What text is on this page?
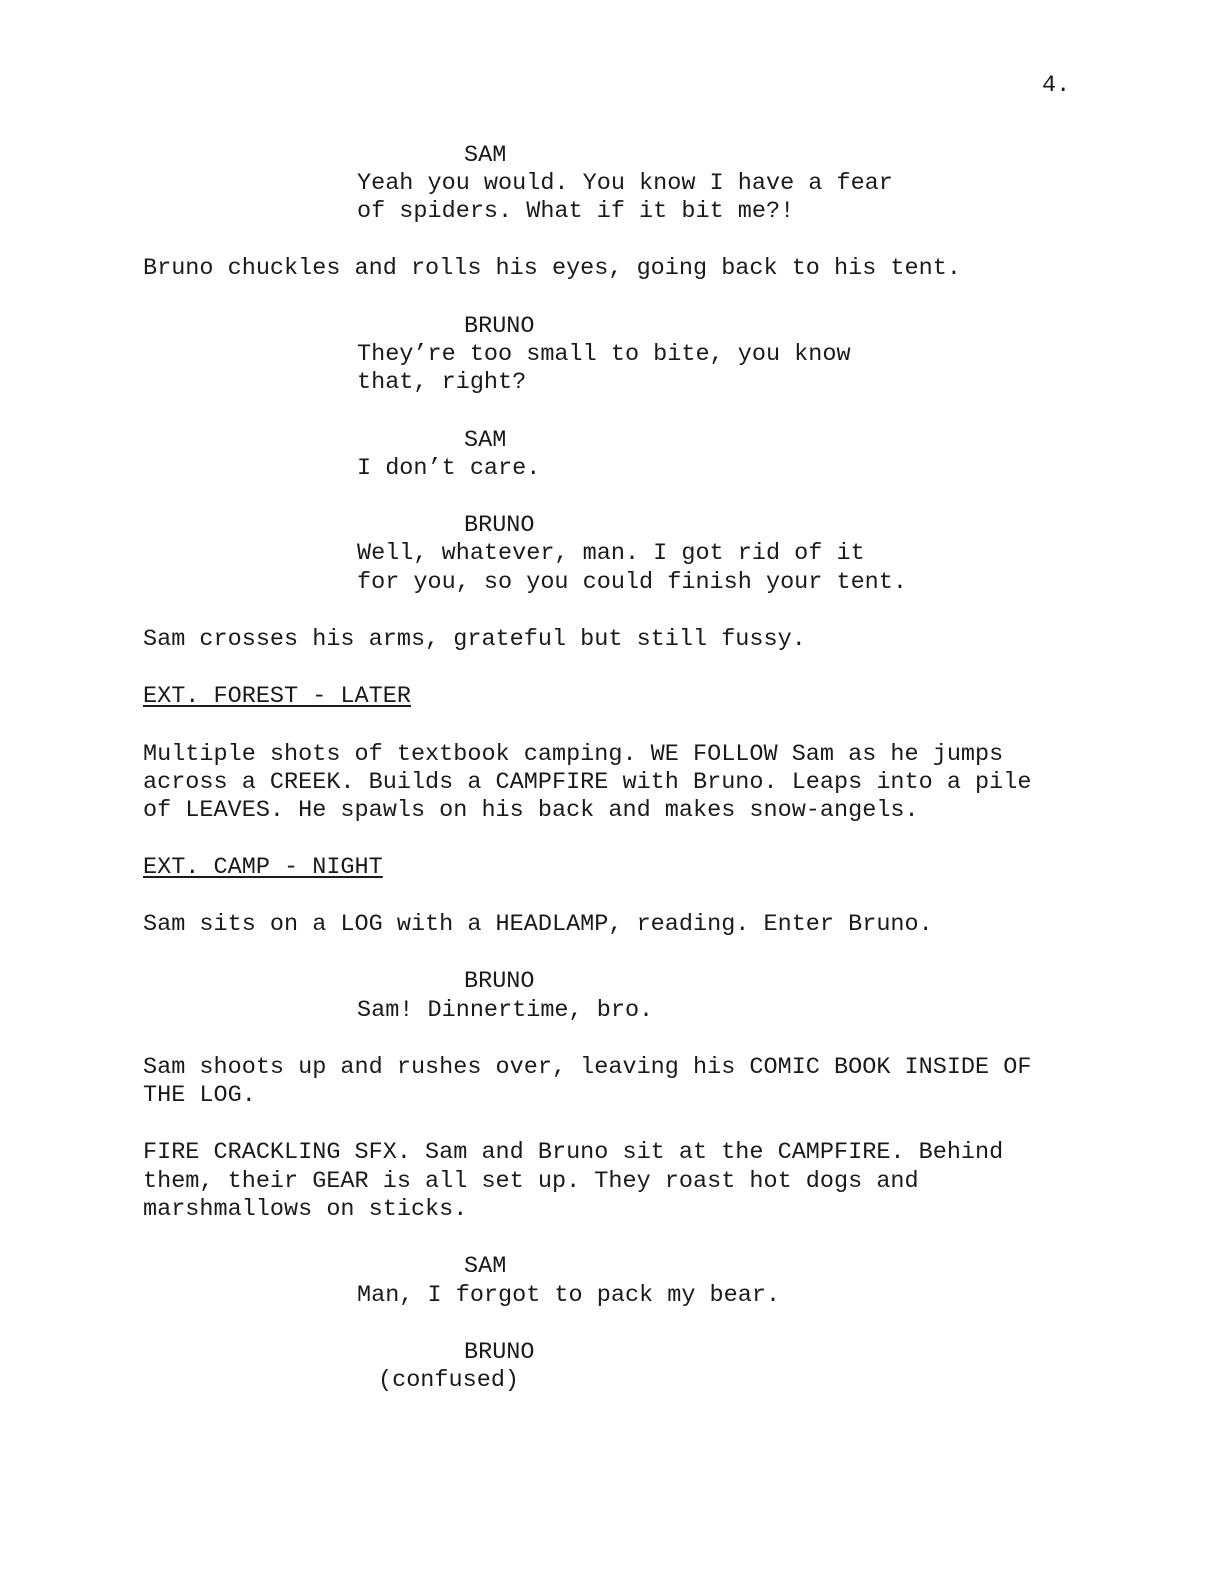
4.
SAM
Yeah you would. You know I have a fear
of spiders. What if it bit me?!
Bruno chuckles and rolls his eyes, going back to his tent.
BRUNO
They’re too small to bite, you know
that, right?
SAM
I don’t care.
BRUNO
Well, whatever, man. I got rid of it
for you, so you could finish your tent.
Sam crosses his arms, grateful but still fussy.
EXT. FOREST - LATER
Multiple shots of textbook camping. WE FOLLOW Sam as he jumps
across a CREEK. Builds a CAMPFIRE with Bruno. Leaps into a pile
of LEAVES. He spawls on his back and makes snow-angels.
EXT. CAMP - NIGHT
Sam sits on a LOG with a HEADLAMP, reading. Enter Bruno.
BRUNO
Sam! Dinnertime, bro.
Sam shoots up and rushes over, leaving his COMIC BOOK INSIDE OF
THE LOG.
FIRE CRACKLING SFX. Sam and Bruno sit at the CAMPFIRE. Behind
them, their GEAR is all set up. They roast hot dogs and
marshmallows on sticks.
SAM
Man, I forgot to pack my bear.
BRUNO
(confused)
